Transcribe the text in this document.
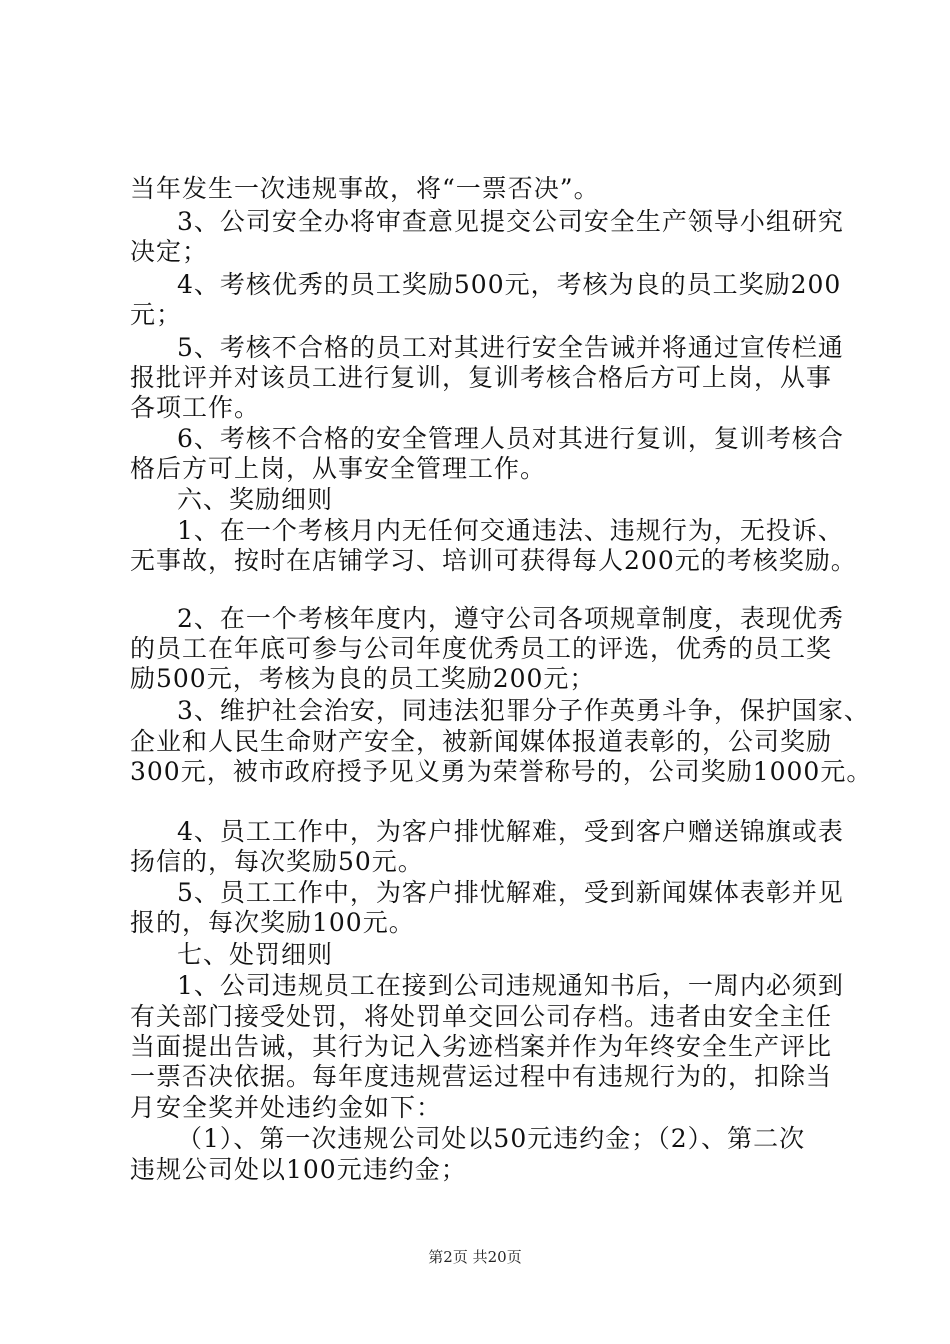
当年发生一次违规事故，将“一票否决”。
3、公司安全办将审查意见提交公司安全生产领导小组研究
决定；
4、考核优秀的员工奖励500元，考核为良的员工奖励200
元；
5、考核不合格的员工对其进行安全告诫并将通过宣传栏通
报批评并对该员工进行复训，复训考核合格后方可上岗，从事
各项工作。
6、考核不合格的安全管理人员对其进行复训，复训考核合
格后方可上岗，从事安全管理工作。
六、奖励细则
1、在一个考核月内无任何交通违法、违规行为，无投诉、
无事故，按时在店铺学习、培训可获得每人200元的考核奖励。
2、在一个考核年度内，遵守公司各项规章制度，表现优秀
的员工在年底可参与公司年度优秀员工的评选，优秀的员工奖
励500元，考核为良的员工奖励200元；
3、维护社会治安，同违法犯罪分子作英勇斗争，保护国家、
企业和人民生命财产安全，被新闻媒体报道表彰的，公司奖励
300元，被市政府授予见义勇为荣誉称号的，公司奖励1000元。
4、员工工作中，为客户排忧解难，受到客户赠送锦旗或表
扬信的，每次奖励50元。
5、员工工作中，为客户排忧解难，受到新闻媒体表彰并见
报的，每次奖励100元。
七、处罚细则
1、公司违规员工在接到公司违规通知书后，一周内必须到
有关部门接受处罚，将处罚单交回公司存档。违者由安全主任
当面提出告诫，其行为记入劣迹档案并作为年终安全生产评比
一票否决依据。每年度违规营运过程中有违规行为的，扣除当
月安全奖并处违约金如下：
（1）、第一次违规公司处以50元违约金；（2）、第二次
违规公司处以100元违约金；
第2页 共20页
